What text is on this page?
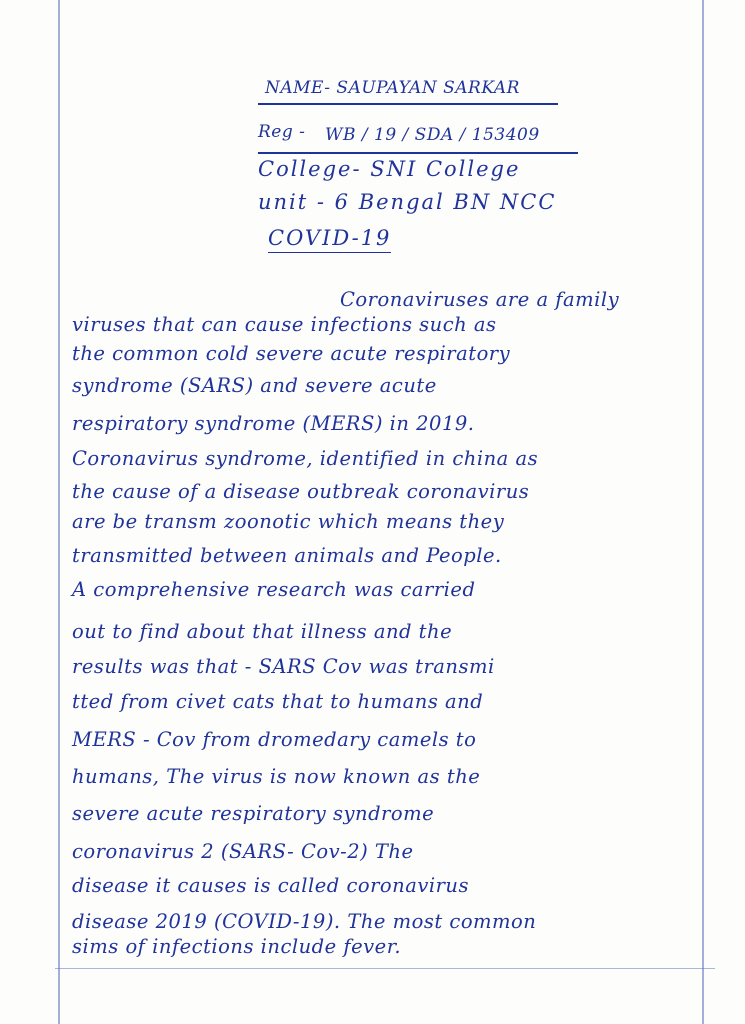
NAME- SAUPAYAN SARKAR
Reg - WB / 19 / SDA / 153409
College- SNI College
unit - 6 Bengal BN NCC
COVID-19
Coronaviruses are a family
viruses that can cause infections such as
the common cold severe acute respiratory
syndrome (SARS) and severe acute
respiratory syndrome (MERS) in 2019.
Coronavirus syndrome, identified in china as
the cause of a disease outbreak coronavirus
are be transm zoonotic which means they
transmitted between animals and People.
A comprehensive research was carried
out to find about that illness and the
results was that - SARS Cov was transmi
tted from civet cats that to humans and
MERS - Cov from dromedary camels to
humans, The virus is now known as the
severe acute respiratory syndrome
coronavirus 2 (SARS- Cov-2) The
disease it causes is called coronavirus
disease 2019 (COVID-19). The most common
sims of infections include fever.
